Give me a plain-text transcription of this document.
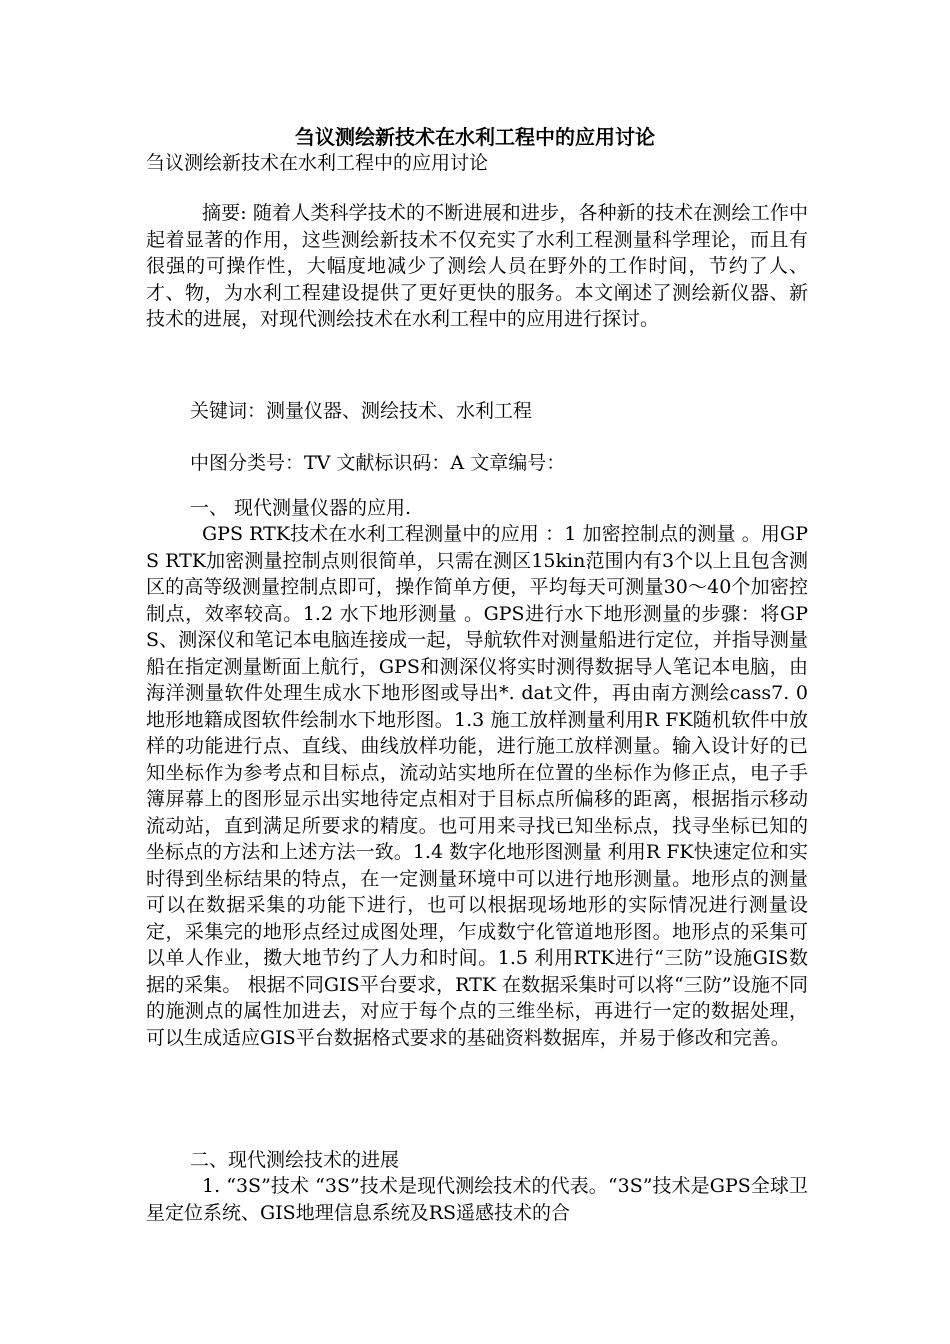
刍议测绘新技术在水利工程中的应用讨论

刍议测绘新技术在水利工程中的应用讨论

摘要: 随着人类科学技术的不断进展和进步，各种新的技术在测绘工作中起着显著的作用，这些测绘新技术不仅充实了水利工程测量科学理论，而且有很强的可操作性，大幅度地减少了测绘人员在野外的工作时间，节约了人、才、物，为水利工程建设提供了更好更快的服务。本文阐述了测绘新仪器、新技术的进展，对现代测绘技术在水利工程中的应用进行探讨。

关键词：测量仪器、测绘技术、水利工程

中图分类号：TV 文献标识码：A 文章编号：

一、 现代测量仪器的应用.

GPS RTK技术在水利工程测量中的应用 ：1 加密控制点的测量 。用GPS RTK加密测量控制点则很简单，只需在测区15kin范围内有3个以上且包含测区的高等级测量控制点即可，操作简单方便，平均每天可测量30～40个加密控制点，效率较高。1.2 水下地形测量 。GPS进行水下地形测量的步骤：将GPS、测深仪和笔记本电脑连接成一起，导航软件对测量船进行定位，并指导测量船在指定测量断面上航行，GPS和测深仪将实时测得数据导人笔记本电脑，由海洋测量软件处理生成水下地形图或导出*. dat文件，再由南方测绘cass7. 0地形地籍成图软件绘制水下地形图。1.3 施工放样测量利用R FK随机软件中放样的功能进行点、直线、曲线放样功能，进行施工放样测量。输入设计好的已知坐标作为参考点和目标点，流动站实地所在位置的坐标作为修正点，电子手簿屏幕上的图形显示出实地待定点相对于目标点所偏移的距离，根据指示移动流动站，直到满足所要求的精度。也可用来寻找已知坐标点，找寻坐标已知的坐标点的方法和上述方法一致。1.4 数字化地形图测量 利用R FK快速定位和实时得到坐标结果的特点，在一定测量环境中可以进行地形测量。地形点的测量可以在数据采集的功能下进行，也可以根据现场地形的实际情况进行测量设定，采集完的地形点经过成图处理，乍成数宁化管道地形图。地形点的采集可以单人作业，擞大地节约了人力和时间。1.5 利用RTK进行“三防”设施GIS数据的采集。 根据不同GIS平台要求，RTK 在数据采集时可以将“三防”设施不同的施测点的属性加进去，对应于每个点的三维坐标，再进行一定的数据处理，可以生成适应GIS平台数据格式要求的基础资料数据库，并易于修改和完善。

二、现代测绘技术的进展

1. “3S”技术 “3S”技术是现代测绘技术的代表。“3S”技术是GPS全球卫星定位系统、GIS地理信息系统及RS遥感技术的合
